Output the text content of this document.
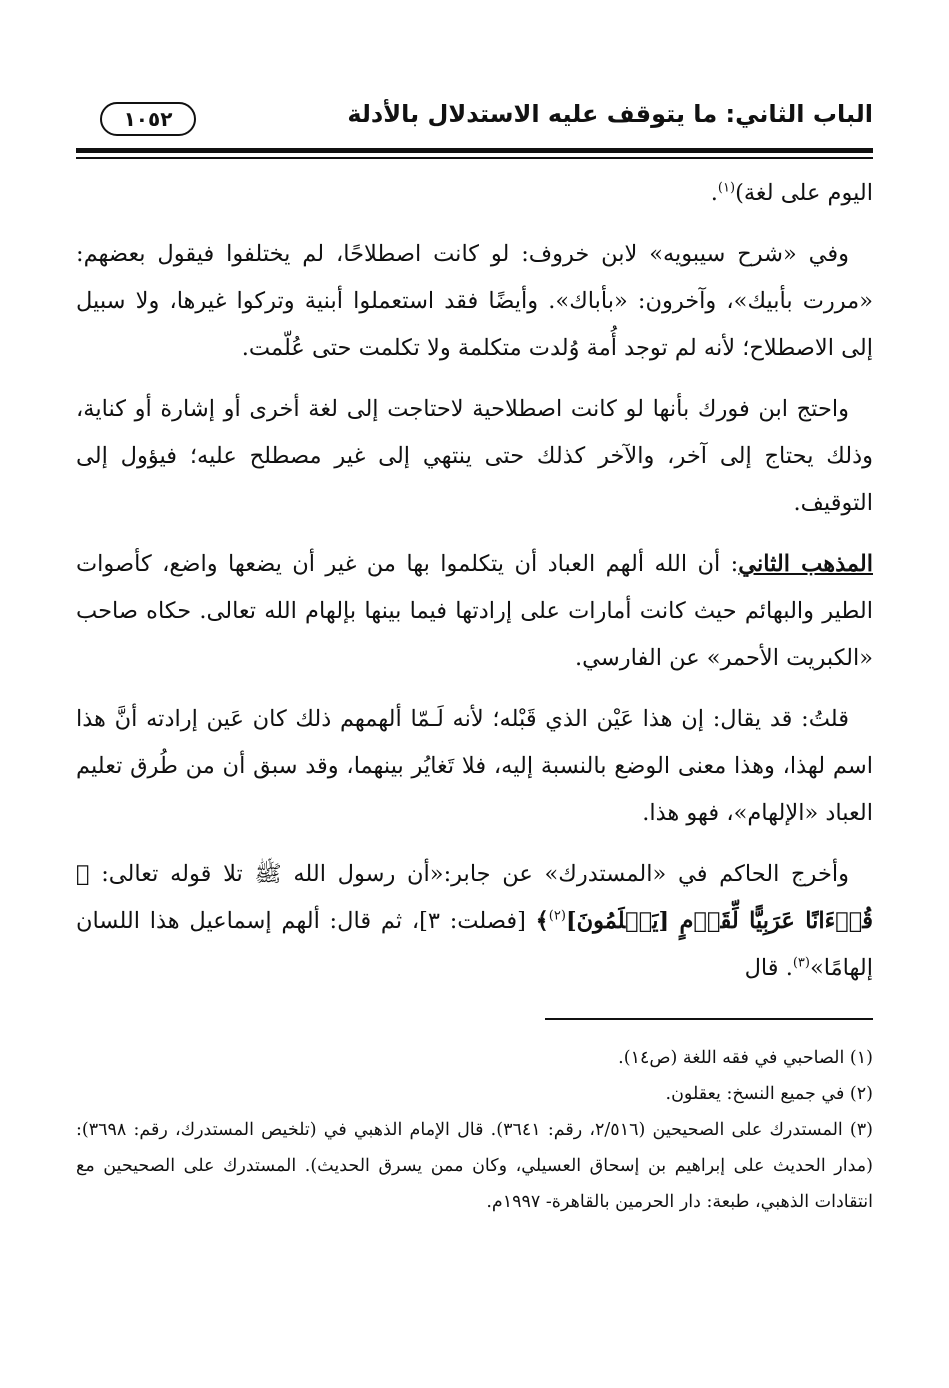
الباب الثاني: ما يتوقف عليه الاستدلال بالأدلة
١٠٥٢

اليوم على لغة)$^{(١)}$.

وفي «شرح سيبويه» لابن خروف: لو كانت اصطلاحًا، لم يختلفوا فيقول بعضهم: «مررت بأبيك»، وآخرون: «بأباك». وأيضًا فقد استعملوا أبنية وتركوا غيرها، ولا سبيل إلى الاصطلاح؛ لأنه لم توجد أُمة وُلدت متكلمة ولا تكلمت حتى عُلّمت.

واحتج ابن فورك بأنها لو كانت اصطلاحية لاحتاجت إلى لغة أخرى أو إشارة أو كناية، وذلك يحتاج إلى آخر، والآخر كذلك حتى ينتهي إلى غير مصطلح عليه؛ فيؤول إلى التوقيف.

المذهب الثاني: أن الله ألهم العباد أن يتكلموا بها من غير أن يضعها واضع، كأصوات الطير والبهائم حيث كانت أمارات على إرادتها فيما بينها بإلهام الله تعالى. حكاه صاحب «الكبريت الأحمر» عن الفارسي.

قلتُ: قد يقال: إن هذا عَيْن الذي قَبْله؛ لأنه لَـمّا ألهمهم ذلك كان عَين إرادته أنَّ هذا اسم لهذا، وهذا معنى الوضع بالنسبة إليه، فلا تَغايُر بينهما، وقد سبق أن من طُرق تعليم العباد «الإلهام»، فهو هذا.

وأخرج الحاكم في «المستدرك» عن جابر:«أن رسول الله ﷺ تلا قوله تعالى: ﴿ قُرۡءَانًا عَرَبِيًّا لِّقَوۡمٍ [يَعۡلَمُونَ]$^{(٢)}$﴾ [فصلت: ٣]، ثم قال: ألهم إسماعيل هذا اللسان إلهامًا»$^{(٣)}$. قال

(١) الصاحبي في فقه اللغة (ص١٤).

(٢) في جميع النسخ: يعقلون.

(٣) المستدرك على الصحيحين (٢/٥١٦، رقم: ٣٦٤١). قال الإمام الذهبي في (تلخيص المستدرك، رقم: ٣٦٩٨): (مدار الحديث على إبراهيم بن إسحاق العسيلي، وكان ممن يسرق الحديث). المستدرك على الصحيحين مع انتقادات الذهبي، طبعة: دار الحرمين بالقاهرة- ١٩٩٧م.
